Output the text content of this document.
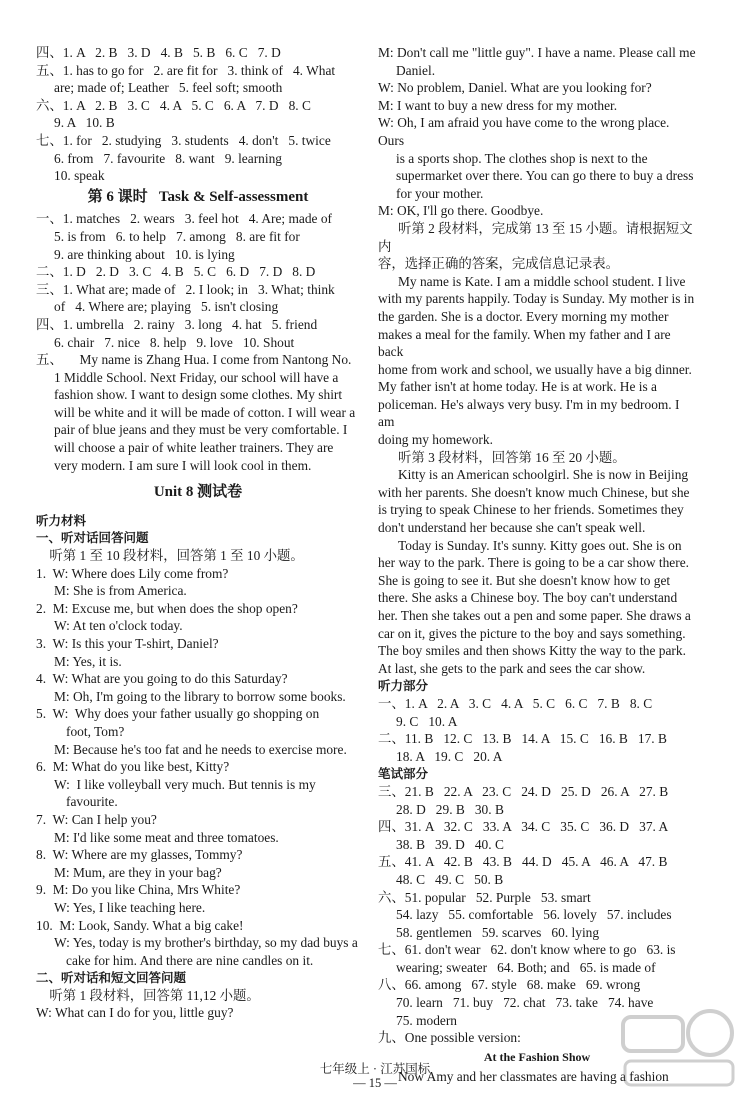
四、1. A   2. B   3. D   4. B   5. B   6. C   7. D
五、1. has to go for   2. are fit for   3. think of   4. What
are; made of; Leather   5. feel soft; smooth
六、1. A   2. B   3. C   4. A   5. C   6. A   7. D   8. C
9. A   10. B
七、1. for   2. studying   3. students   4. don't   5. twice
6. from   7. favourite   8. want   9. learning
10. speak
第 6 课时   Task & Self-assessment
一、1. matches   2. wears   3. feel hot   4. Are; made of
5. is from   6. to help   7. among   8. are fit for
9. are thinking about   10. is lying
二、1. D   2. D   3. C   4. B   5. C   6. D   7. D   8. D
三、1. What are; made of   2. I look; in   3. What; think
of   4. Where are; playing   5. isn't closing
四、1. umbrella   2. rainy   3. long   4. hat   5. friend
6. chair   7. nice   8. help   9. love   10. Shout
五、     My name is Zhang Hua. I come from Nantong No.
1 Middle School. Next Friday, our school will have a
fashion show. I want to design some clothes. My shirt
will be white and it will be made of cotton. I will wear a
pair of blue jeans and they must be very comfortable. I
will choose a pair of white leather trainers. They are
very modern. I am sure I will look cool in them.
Unit 8 测试卷
听力材料
一、听对话回答问题
听第 1 至 10 段材料，回答第 1 至 10 小题。
1.  W: Where does Lily come from?
M: She is from America.
2.  M: Excuse me, but when does the shop open?
W: At ten o'clock today.
3.  W: Is this your T-shirt, Daniel?
M: Yes, it is.
4.  W: What are you going to do this Saturday?
M: Oh, I'm going to the library to borrow some books.
5.  W:  Why does your father usually go shopping on
foot, Tom?
M: Because he's too fat and he needs to exercise more.
6.  M: What do you like best, Kitty?
W:  I like volleyball very much. But tennis is my
favourite.
7.  W: Can I help you?
M: I'd like some meat and three tomatoes.
8.  W: Where are my glasses, Tommy?
M: Mum, are they in your bag?
9.  M: Do you like China, Mrs White?
W: Yes, I like teaching here.
10.  M: Look, Sandy. What a big cake!
W: Yes, today is my brother's birthday, so my dad buys a
cake for him. And there are nine candles on it.
二、听对话和短文回答问题
听第 1 段材料，回答第 11,12 小题。
W: What can I do for you, little guy?
M: Don't call me "little guy". I have a name. Please call me
Daniel.
W: No problem, Daniel. What are you looking for?
M: I want to buy a new dress for my mother.
W: Oh, I am afraid you have come to the wrong place. Ours
is a sports shop. The clothes shop is next to the
supermarket over there. You can go there to buy a dress
for your mother.
M: OK, I'll go there. Goodbye.
听第 2 段材料，完成第 13 至 15 小题。请根据短文内
容，选择正确的答案，完成信息记录表。
My name is Kate. I am a middle school student. I live
with my parents happily. Today is Sunday. My mother is in
the garden. She is a doctor. Every morning my mother
makes a meal for the family. When my father and I are back
home from work and school, we usually have a big dinner.
My father isn't at home today. He is at work. He is a
policeman. He's always very busy. I'm in my bedroom. I am
doing my homework.
听第 3 段材料，回答第 16 至 20 小题。
Kitty is an American schoolgirl. She is now in Beijing
with her parents. She doesn't know much Chinese, but she
is trying to speak Chinese to her friends. Sometimes they
don't understand her because she can't speak well.
Today is Sunday. It's sunny. Kitty goes out. She is on
her way to the park. There is going to be a car show there.
She is going to see it. But she doesn't know how to get
there. She asks a Chinese boy. The boy can't understand
her. Then she takes out a pen and some paper. She draws a
car on it, gives the picture to the boy and says something.
The boy smiles and then shows Kitty the way to the park.
At last, she gets to the park and sees the car show.
听力部分
一、1. A   2. A   3. C   4. A   5. C   6. C   7. B   8. C
9. C   10. A
二、11. B   12. C   13. B   14. A   15. C   16. B   17. B
18. A   19. C   20. A
笔试部分
三、21. B   22. A   23. C   24. D   25. D   26. A   27. B
28. D   29. B   30. B
四、31. A   32. C   33. A   34. C   35. C   36. D   37. A
38. B   39. D   40. C
五、41. A   42. B   43. B   44. D   45. A   46. A   47. B
48. C   49. C   50. B
六、51. popular   52. Purple   53. smart
54. lazy   55. comfortable   56. lovely   57. includes
58. gentlemen   59. scarves   60. lying
七、61. don't wear   62. don't know where to go   63. is
wearing; sweater   64. Both; and   65. is made of
八、66. among   67. style   68. make   69. wrong
70. learn   71. buy   72. chat   73. take   74. have
75. modern
九、One possible version:
At the Fashion Show
Now Amy and her classmates are having a fashion
七年级上 · 江苏国标
— 15 —
